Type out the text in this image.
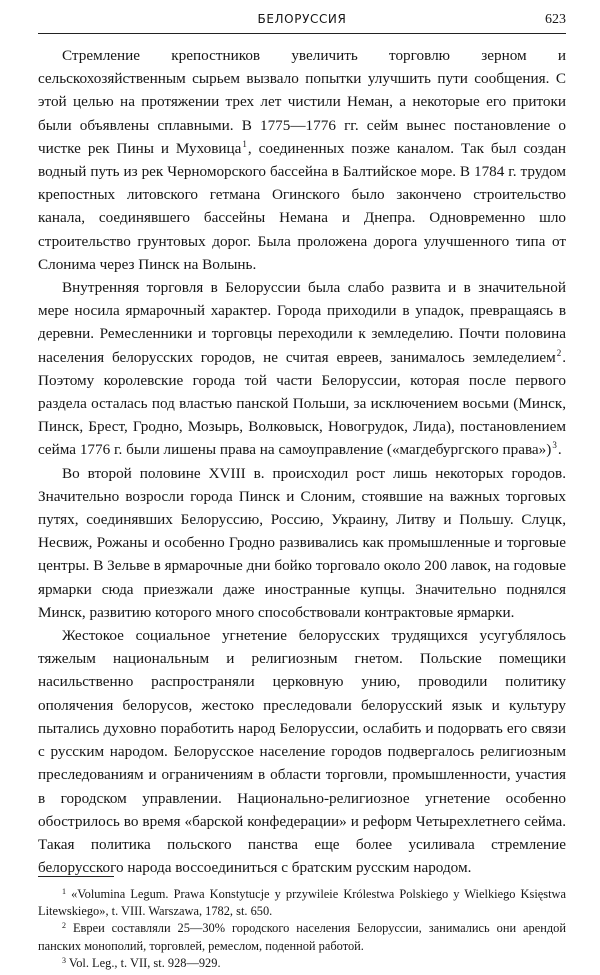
БЕЛОРУССИЯ	623

Стремление крепостников увеличить торговлю зерном и сельскохозяйственным сырьем вызвало попытки улучшить пути сообщения. С этой целью на протяжении трех лет чистили Неман, а некоторые его притоки были объявлены сплавными. В 1775—1776 гг. сейм вынес постановление о чистке рек Пины и Муховица$^1$, соединенных позже каналом. Так был создан водный путь из рек Черноморского бассейна в Балтийское море. В 1784 г. трудом крепостных литовского гетмана Огинского было закончено строительство канала, соединявшего бассейны Немана и Днепра. Одновременно шло строительство грунтовых дорог. Была проложена дорога улучшенного типа от Слонима через Пинск на Волынь.

Внутренняя торговля в Белоруссии была слабо развита и в значительной мере носила ярмарочный характер. Города приходили в упадок, превращаясь в деревни. Ремесленники и торговцы переходили к земледелию. Почти половина населения белорусских городов, не считая евреев, занималось земледелием$^2$. Поэтому королевские города той части Белоруссии, которая после первого раздела осталась под властью панской Польши, за исключением восьми (Минск, Пинск, Брест, Гродно, Мозырь, Волковыск, Новогрудок, Лида), постановлением сейма 1776 г. были лишены права на самоуправление («магдебургского права»)$^3$.

Во второй половине XVIII в. происходил рост лишь некоторых городов. Значительно возросли города Пинск и Слоним, стоявшие на важных торговых путях, соединявших Белоруссию, Россию, Украину, Литву и Польшу. Слуцк, Несвиж, Рожаны и особенно Гродно развивались как промышленные и торговые центры. В Зельве в ярмарочные дни бойко торговало около 200 лавок, на годовые ярмарки сюда приезжали даже иностранные купцы. Значительно поднялся Минск, развитию которого много способствовали контрактовые ярмарки.

Жестокое социальное угнетение белорусских трудящихся усугублялось тяжелым национальным и религиозным гнетом. Польские помещики насильственно распространяли церковную унию, проводили политику ополячения белорусов, жестоко преследовали белорусский язык и культуру пытались духовно поработить народ Белоруссии, ослабить и подорвать его связи с русским народом. Белорусское население городов подвергалось религиозным преследованиям и ограничениям в области торговли, промышленности, участия в городском управлении. Национально-религиозное угнетение особенно обострилось во время «барской конфедерации» и реформ Четырехлетнего сейма. Такая политика польского панства еще более усиливала стремление белорусского народа воссоединиться с братским русским народом.

$^1$ «Volumina Legum. Prawa Konstytucje y przywileie Królestwa Polskiego y Wielkiego Księstwa Litewskiego», t. VIII. Warszawa, 1782, st. 650.

$^2$ Евреи составляли 25—30% городского населения Белоруссии, занимались они арендой панских монополий, торговлей, ремеслом, поденной работой.

$^3$ Vol. Leg., t. VII, st. 928—929.
